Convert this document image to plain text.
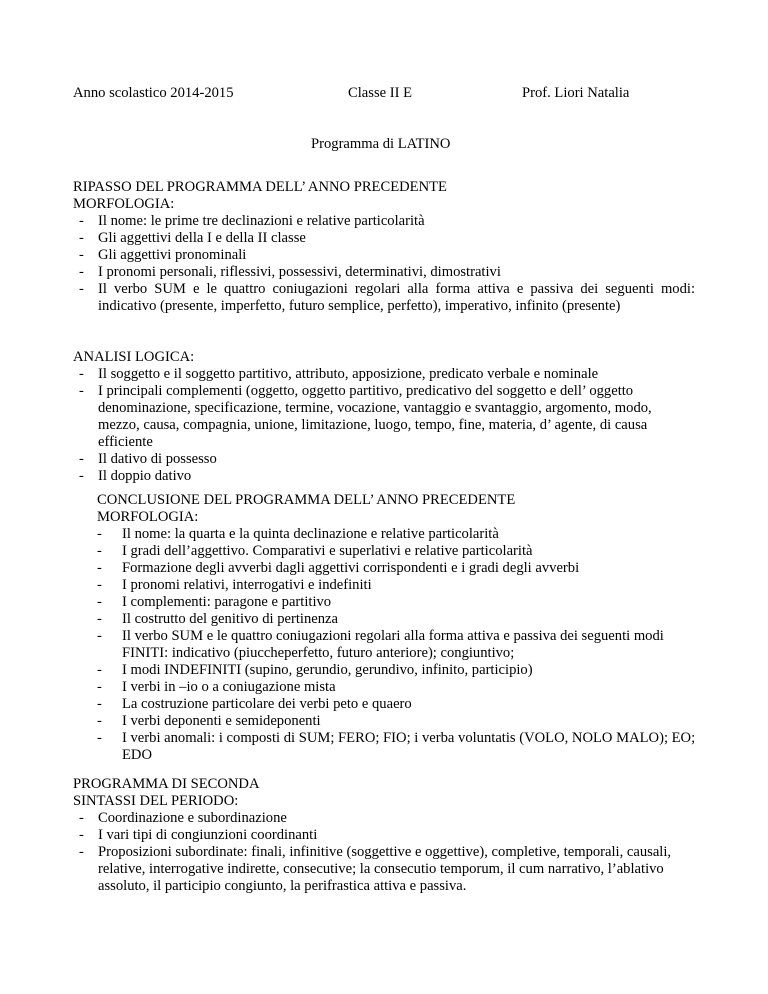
Anno scolastico 2014-2015	Classe II E	Prof. Liori Natalia
Programma di LATINO
RIPASSO DEL PROGRAMMA DELL’ ANNO PRECEDENTE
MORFOLOGIA:
- Il nome: le prime tre declinazioni e relative particolarità
- Gli aggettivi della I e della II classe
- Gli aggettivi pronominali
- I pronomi personali, riflessivi, possessivi, determinativi, dimostrativi
- Il verbo SUM e le quattro coniugazioni regolari alla forma attiva e passiva dei seguenti modi: indicativo (presente, imperfetto, futuro semplice, perfetto), imperativo, infinito (presente)
ANALISI LOGICA:
- Il soggetto e il soggetto partitivo, attributo, apposizione, predicato verbale e nominale
- I principali complementi (oggetto, oggetto partitivo, predicativo del soggetto e dell’ oggetto denominazione, specificazione, termine, vocazione, vantaggio e svantaggio, argomento, modo, mezzo, causa, compagnia, unione, limitazione, luogo, tempo, fine, materia, d’ agente, di causa efficiente
- Il dativo di possesso
- Il doppio dativo
CONCLUSIONE DEL PROGRAMMA DELL’ ANNO PRECEDENTE
MORFOLOGIA:
- Il nome: la quarta e la quinta declinazione e relative particolarità
- I gradi dell’aggettivo. Comparativi e superlativi e relative particolarità
- Formazione degli avverbi dagli aggettivi corrispondenti e i gradi degli avverbi
- I pronomi relativi, interrogativi e indefiniti
- I complementi: paragone e partitivo
- Il costrutto del genitivo di pertinenza
- Il verbo SUM e le quattro coniugazioni regolari alla forma attiva e passiva dei seguenti modi FINITI: indicativo (piuccheperfetto, futuro anteriore); congiuntivo;
- I modi INDEFINITI (supino, gerundio, gerundivo, infinito, participio)
- I verbi in –io o a coniugazione mista
- La costruzione particolare dei verbi peto e quaero
- I verbi deponenti e semideponenti
- I verbi anomali: i composti di SUM; FERO; FIO; i verba voluntatis (VOLO, NOLO MALO); EO; EDO
PROGRAMMA DI SECONDA
SINTASSI DEL PERIODO:
- Coordinazione e subordinazione
- I vari tipi di congiunzioni coordinanti
- Proposizioni subordinate: finali, infinitive (soggettive e oggettive), completive, temporali, causali, relative, interrogative indirette, consecutive; la consecutio temporum, il cum narrativo, l’ablativo assoluto, il participio congiunto, la perifrastica attiva e passiva.
